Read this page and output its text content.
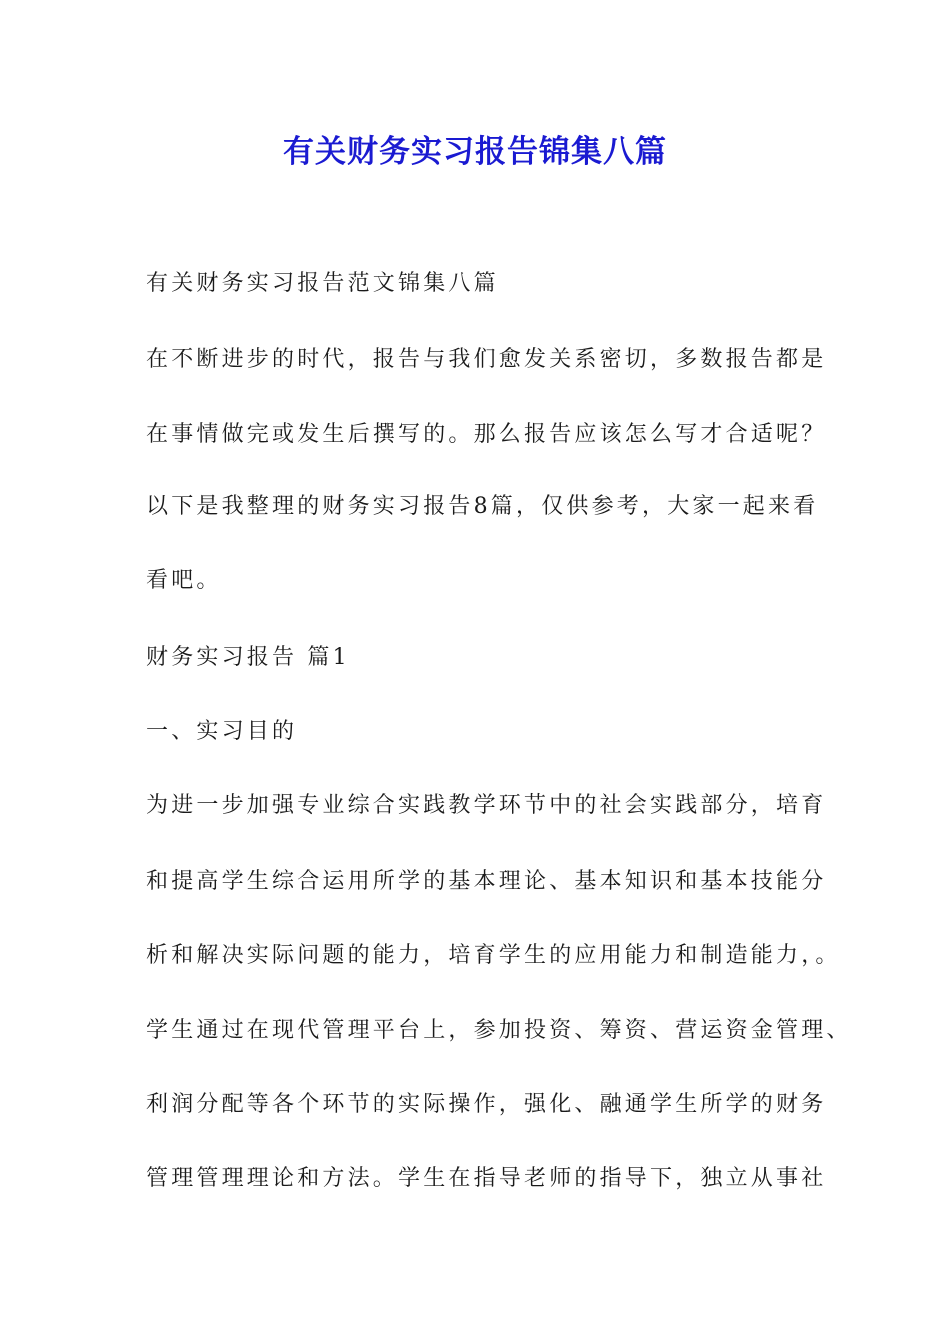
有关财务实习报告锦集八篇
有关财务实习报告范文锦集八篇
在不断进步的时代，报告与我们愈发关系密切，多数报告都是
在事情做完或发生后撰写的。那么报告应该怎么写才合适呢？
以下是我整理的财务实习报告8篇，仅供参考，大家一起来看
看吧。
财务实习报告 篇1
一、实习目的
为进一步加强专业综合实践教学环节中的社会实践部分，培育
和提高学生综合运用所学的基本理论、基本知识和基本技能分
析和解决实际问题的能力，培育学生的应用能力和制造能力，。
学生通过在现代管理平台上，参加投资、筹资、营运资金管理、
利润分配等各个环节的实际操作，强化、融通学生所学的财务
管理管理理论和方法。学生在指导老师的指导下，独立从事社
